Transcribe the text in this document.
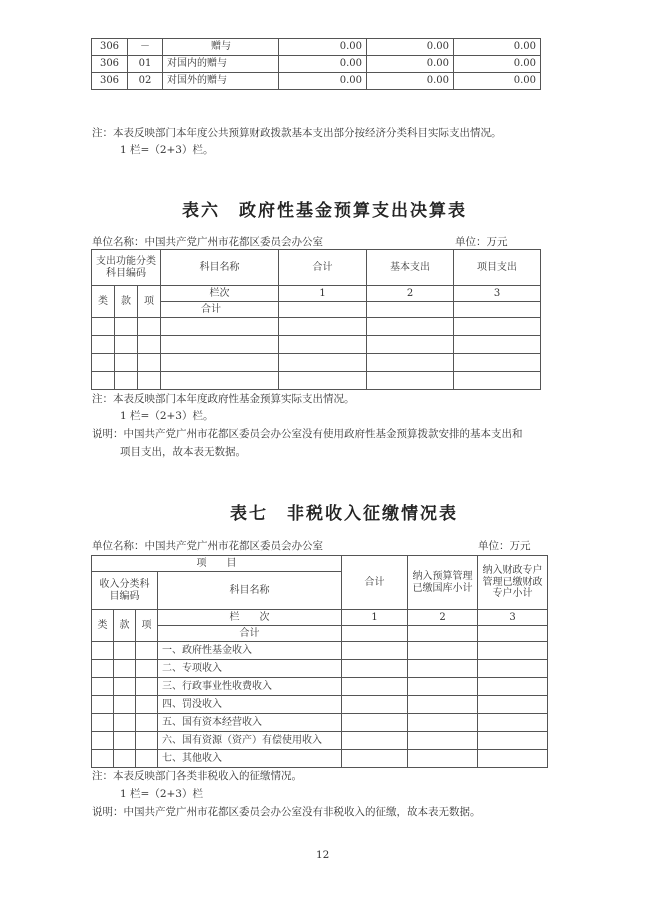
306	－	赠与	0.00	0.00	0.00
306	01	对国内的赠与	0.00	0.00	0.00
306	02	对国外的赠与	0.00	0.00	0.00
注：本表反映部门本年度公共预算财政拨款基本支出部分按经济分类科目实际支出情况。
1 栏=（2+3）栏。
表六　政府性基金预算支出决算表
单位名称：中国共产党广州市花都区委员会办公室	单位：万元
支出功能分类科目编码			科目名称	合计	基本支出	项目支出

类	款	项	栏次	1	2	3
			合计			

注：本表反映部门本年度政府性基金预算实际支出情况。
1 栏=（2+3）栏。
说明：中国共产党广州市花都区委员会办公室没有使用政府性基金预算拨款安排的基本支出和
项目支出，故本表无数据。
表七　非税收入征缴情况表
单位名称：中国共产党广州市花都区委员会办公室	单位：万元
项　　目				合计	纳入预算管理已缴国库小计	纳入财政专户管理已缴财政专户小计
收入分类科目编码			科目名称			

类	款	项	栏　　次	1	2	3
			合计			
			一、政府性基金收入			
			二、专项收入			
			三、行政事业性收费收入			
			四、罚没收入			
			五、国有资本经营收入			
			六、国有资源（资产）有偿使用收入			
			七、其他收入			
注：本表反映部门各类非税收入的征缴情况。
1 栏=（2+3）栏
说明：中国共产党广州市花都区委员会办公室没有非税收入的征缴，故本表无数据。
12
